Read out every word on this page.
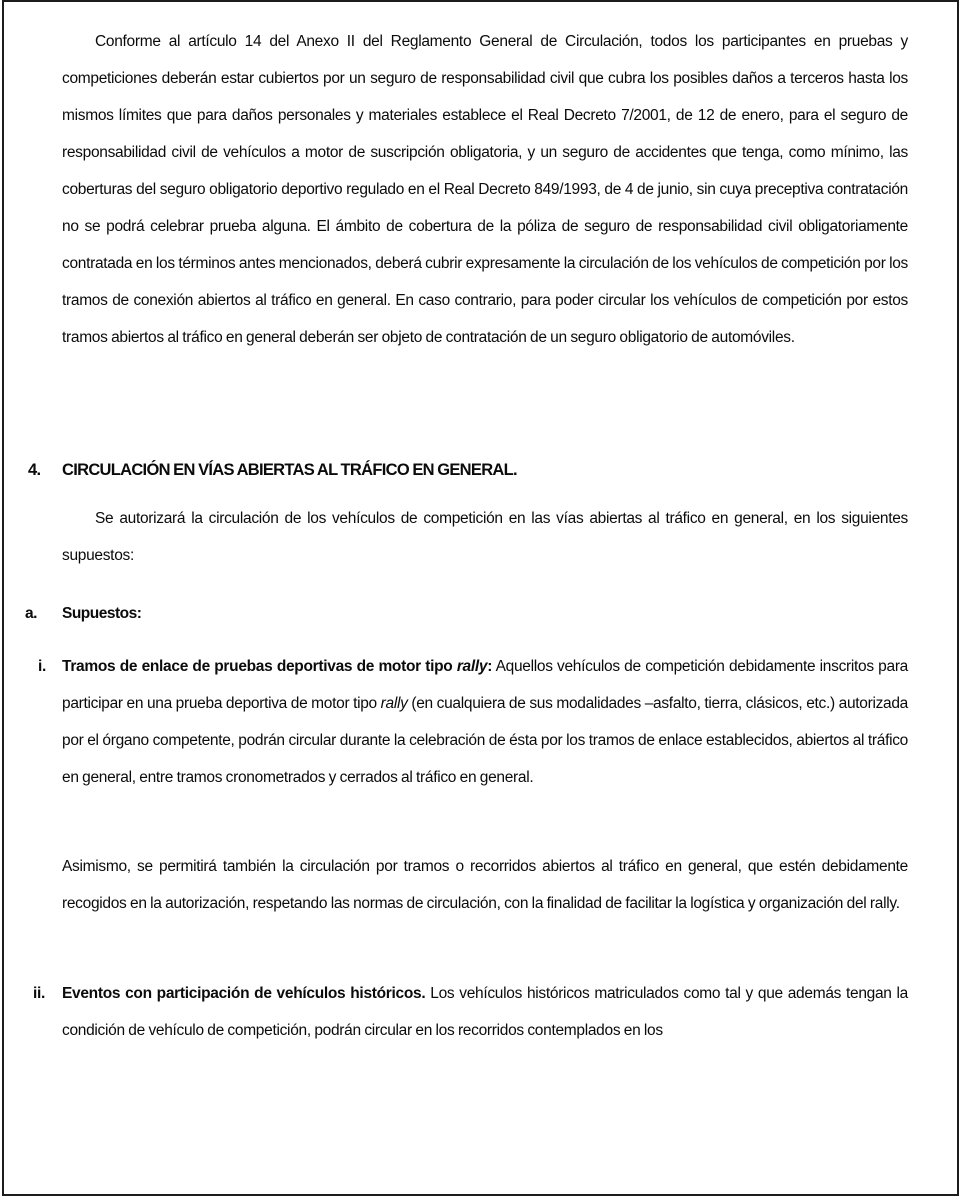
Conforme al artículo 14 del Anexo II del Reglamento General de Circulación, todos los participantes en pruebas y competiciones deberán estar cubiertos por un seguro de responsabilidad civil que cubra los posibles daños a terceros hasta los mismos límites que para daños personales y materiales establece el Real Decreto 7/2001, de 12 de enero, para el seguro de responsabilidad civil de vehículos a motor de suscripción obligatoria, y un seguro de accidentes que tenga, como mínimo, las coberturas del seguro obligatorio deportivo regulado en el Real Decreto 849/1993, de 4 de junio, sin cuya preceptiva contratación no se podrá celebrar prueba alguna. El ámbito de cobertura de la póliza de seguro de responsabilidad civil obligatoriamente contratada en los términos antes mencionados, deberá cubrir expresamente la circulación de los vehículos de competición por los tramos de conexión abiertos al tráfico en general. En caso contrario, para poder circular los vehículos de competición por estos tramos abiertos al tráfico en general deberán ser objeto de contratación de un seguro obligatorio de automóviles.

4. CIRCULACIÓN EN VÍAS ABIERTAS AL TRÁFICO EN GENERAL.

Se autorizará la circulación de los vehículos de competición en las vías abiertas al tráfico en general, en los siguientes supuestos:

a. Supuestos:
i. Tramos de enlace de pruebas deportivas de motor tipo rally: Aquellos vehículos de competición debidamente inscritos para participar en una prueba deportiva de motor tipo rally (en cualquiera de sus modalidades –asfalto, tierra, clásicos, etc.) autorizada por el órgano competente, podrán circular durante la celebración de ésta por los tramos de enlace establecidos, abiertos al tráfico en general, entre tramos cronometrados y cerrados al tráfico en general.

Asimismo, se permitirá también la circulación por tramos o recorridos abiertos al tráfico en general, que estén debidamente recogidos en la autorización, respetando las normas de circulación, con la finalidad de facilitar la logística y organización del rally.

ii. Eventos con participación de vehículos históricos. Los vehículos históricos matriculados como tal y que además tengan la condición de vehículo de competición, podrán circular en los recorridos contemplados en los
